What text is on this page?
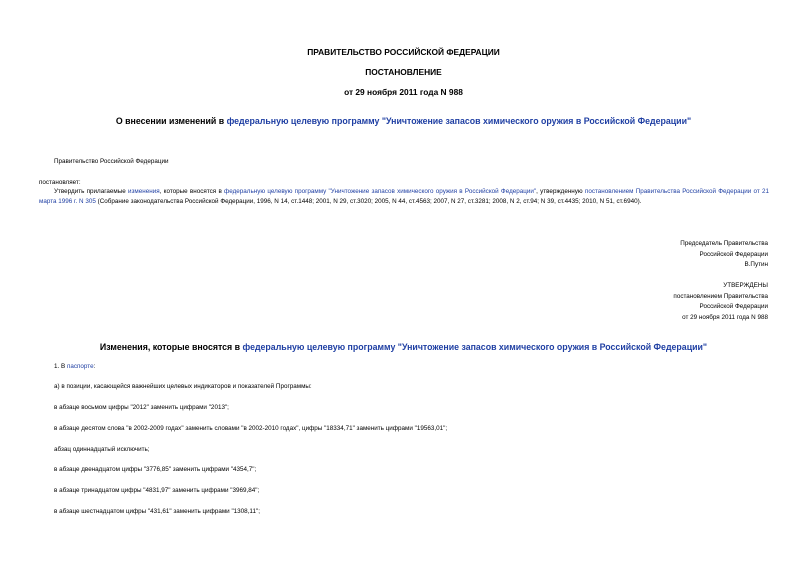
ПРАВИТЕЛЬСТВО РОССИЙСКОЙ ФЕДЕРАЦИИ
ПОСТАНОВЛЕНИЕ
от 29 ноября 2011 года N 988
О внесении изменений в федеральную целевую программу "Уничтожение запасов химического оружия в Российской Федерации"
Правительство Российской Федерации
постановляет:
Утвердить прилагаемые изменения, которые вносятся в федеральную целевую программу "Уничтожение запасов химического оружия в Российской Федерации", утвержденную постановлением Правительства Российской Федерации от 21 марта 1996 г. N 305 (Собрание законодательства Российской Федерации, 1996, N 14, ст.1448; 2001, N 29, ст.3020; 2005, N 44, ст.4563; 2007, N 27, ст.3281; 2008, N 2, ст.94; N 39, ст.4435; 2010, N 51, ст.6940).
Председатель Правительства
Российской Федерации
В.Путин
УТВЕРЖДЕНЫ
постановлением Правительства
Российской Федерации
от 29 ноября 2011 года N 988
Изменения, которые вносятся в федеральную целевую программу "Уничтожение запасов химического оружия в Российской Федерации"
1. В паспорте:
а) в позиции, касающейся важнейших целевых индикаторов и показателей Программы:
в абзаце восьмом цифры "2012" заменить цифрами "2013";
в абзаце десятом слова "в 2002-2009 годах" заменить словами "в 2002-2010 годах", цифры "18334,71" заменить цифрами "19563,01";
абзац одиннадцатый исключить;
в абзаце двенадцатом цифры "3776,85" заменить цифрами "4354,7";
в абзаце тринадцатом цифры "4831,97" заменить цифрами "3969,84";
в абзаце шестнадцатом цифры "431,61" заменить цифрами "1308,11";
